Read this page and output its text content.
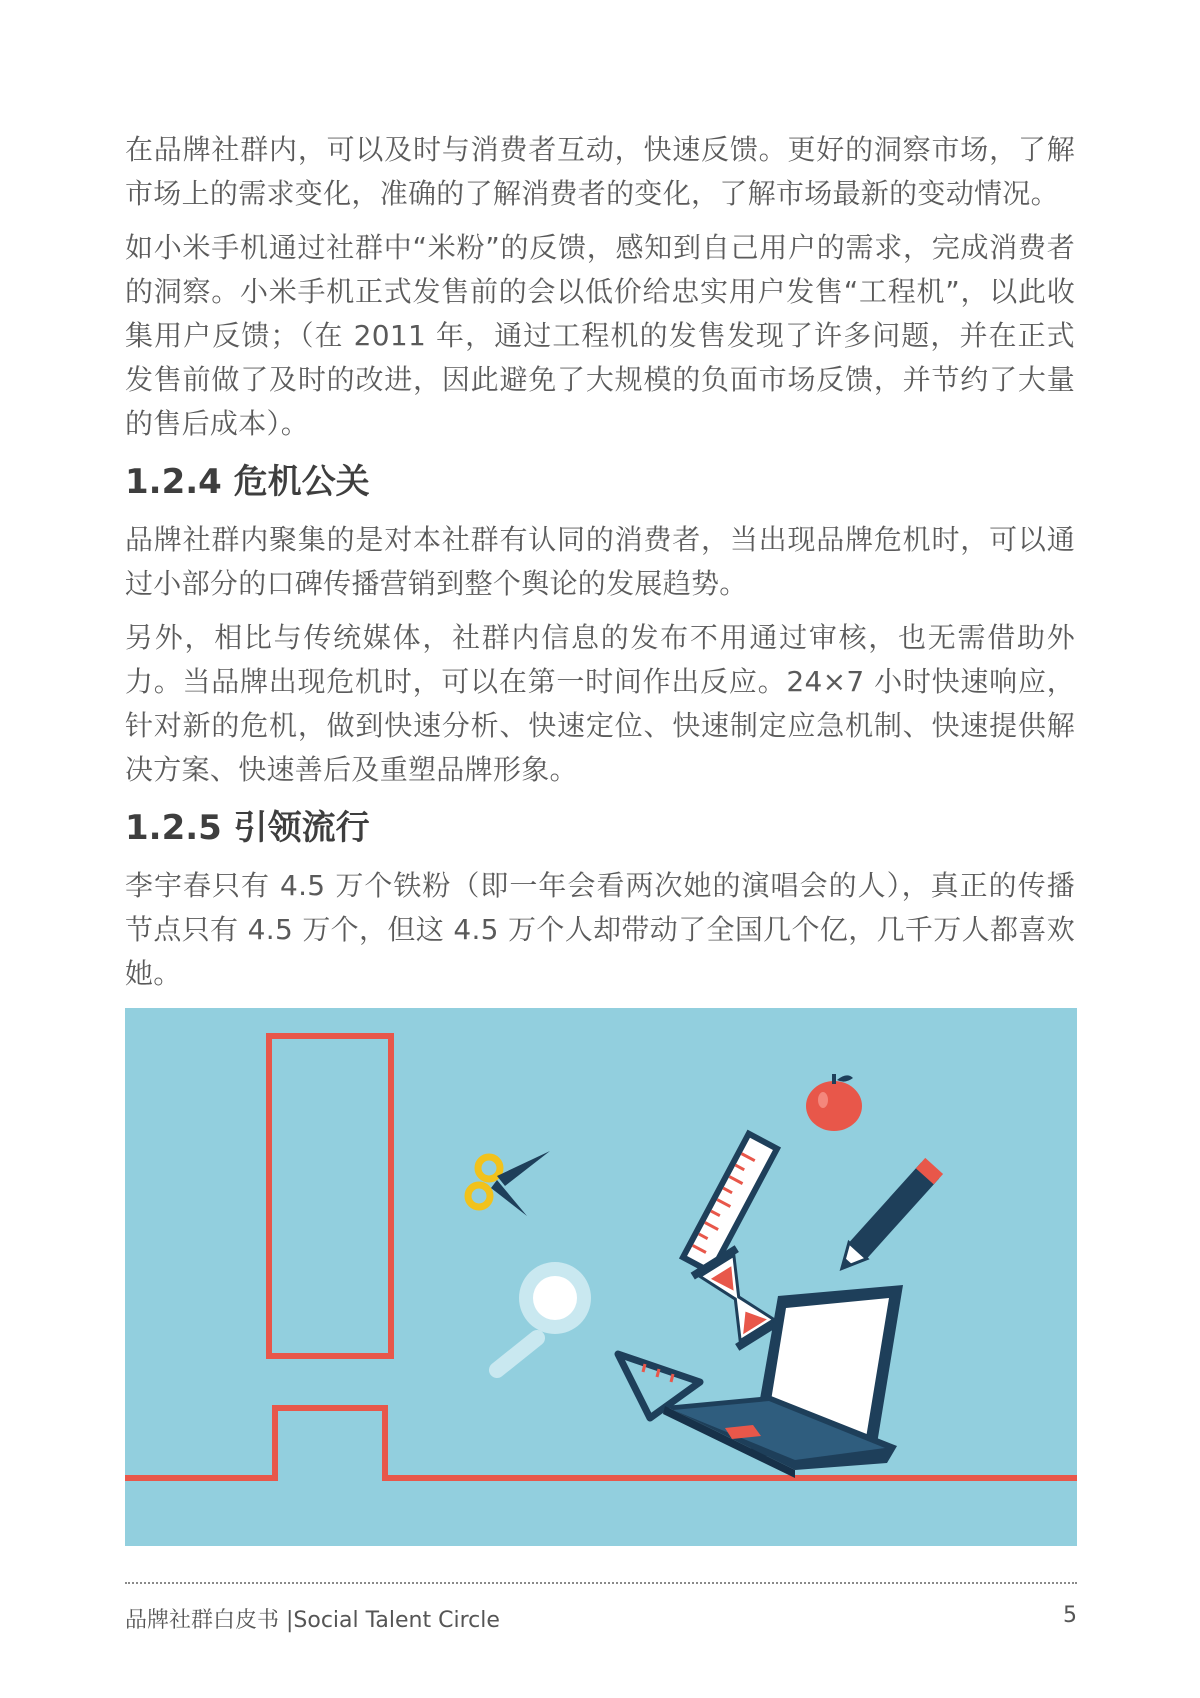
在品牌社群内，可以及时与消费者互动，快速反馈。更好的洞察市场，了解市场上的需求变化，准确的了解消费者的变化，了解市场最新的变动情况。

如小米手机通过社群中“米粉”的反馈，感知到自己用户的需求，完成消费者的洞察。小米手机正式发售前的会以低价给忠实用户发售“工程机”，以此收集用户反馈；（在 2011 年，通过工程机的发售发现了许多问题，并在正式发售前做了及时的改进，因此避免了大规模的负面市场反馈，并节约了大量的售后成本）。

1.2.4 危机公关

品牌社群内聚集的是对本社群有认同的消费者，当出现品牌危机时，可以通过小部分的口碑传播营销到整个舆论的发展趋势。

另外，相比与传统媒体，社群内信息的发布不用通过审核，也无需借助外力。当品牌出现危机时，可以在第一时间作出反应。24×7 小时快速响应，针对新的危机，做到快速分析、快速定位、快速制定应急机制、快速提供解决方案、快速善后及重塑品牌形象。

1.2.5 引领流行

李宇春只有 4.5 万个铁粉（即一年会看两次她的演唱会的人），真正的传播节点只有 4.5 万个，但这 4.5 万个人却带动了全国几个亿，几千万人都喜欢她。

品牌社群白皮书 |Social Talent Circle	5
